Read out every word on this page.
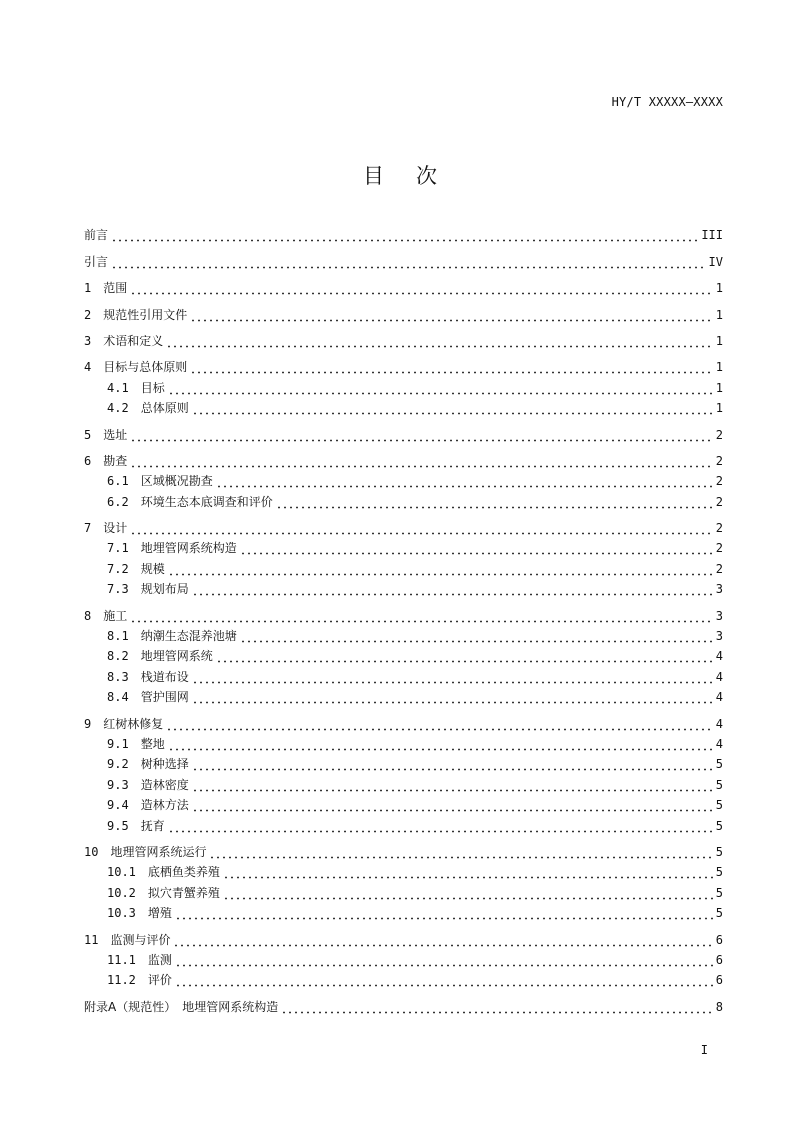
HY/T XXXXX—XXXX
目 次
前言	III
引言	IV
1 范围	1
2 规范性引用文件	1
3 术语和定义	1
4 目标与总体原则	1
4.1 目标	1
4.2 总体原则	1
5 选址	2
6 勘查	2
6.1 区域概况勘查	2
6.2 环境生态本底调查和评价	2
7 设计	2
7.1 地埋管网系统构造	2
7.2 规模	2
7.3 规划布局	3
8 施工	3
8.1 纳潮生态混养池塘	3
8.2 地埋管网系统	4
8.3 栈道布设	4
8.4 管护围网	4
9 红树林修复	4
9.1 整地	4
9.2 树种选择	5
9.3 造林密度	5
9.4 造林方法	5
9.5 抚育	5
10 地理管网系统运行	5
10.1 底栖鱼类养殖	5
10.2 拟穴青蟹养殖	5
10.3 增殖	5
11 监测与评价	6
11.1 监测	6
11.2 评价	6
附录A（规范性）　地埋管网系统构造	8
I
